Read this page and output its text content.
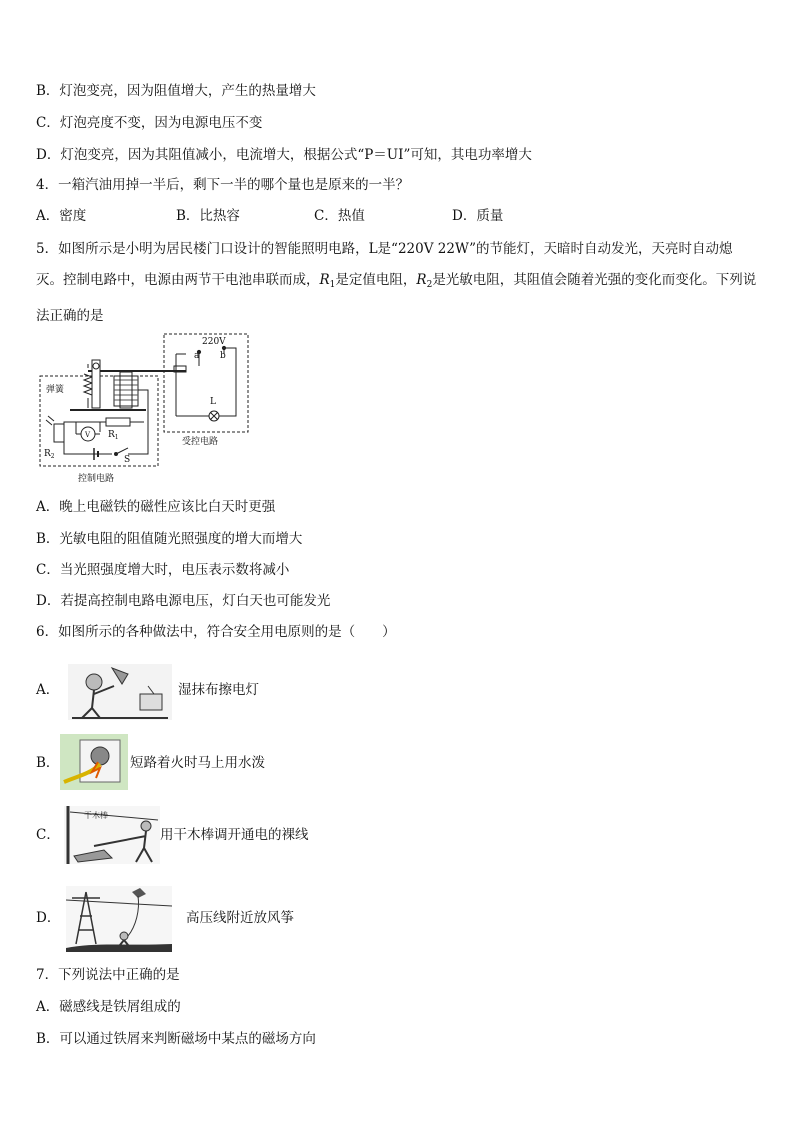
B．灯泡变亮，因为阻值增大，产生的热量增大
C．灯泡亮度不变，因为电源电压不变
D．灯泡变亮，因为其阻值减小，电流增大，根据公式“P＝UI”可知，其电功率增大
4．一箱汽油用掉一半后，剩下一半的哪个量也是原来的一半？
A．密度	B．比热容	C．热值	D．质量
5．如图所示是小明为居民楼门口设计的智能照明电路，L是“220V 22W”的节能灯，天暗时自动发光，天亮时自动熄灭。控制电路中，电源由两节干电池串联而成，$R_1$是定值电阻，$R_2$是光敏电阻，其阻值会随着光强的变化而变化。下列说法正确的是
220V
a b
弹簧
L
$R_1$
V
$R_2$	S
受控电路
控制电路
A．晚上电磁铁的磁性应该比白天时更强
B．光敏电阻的阻值随光照强度的增大而增大
C．当光照强度增大时，电压表示数将减小
D．若提高控制电路电源电压，灯白天也可能发光
6．如图所示的各种做法中，符合安全用电原则的是（　　）
A．	湿抹布擦电灯
B．	短路着火时马上用水泼
C．
干木棒
用干木棒调开通电的裸线
D．	高压线附近放风筝
7．下列说法中正确的是
A．磁感线是铁屑组成的
B．可以通过铁屑来判断磁场中某点的磁场方向
